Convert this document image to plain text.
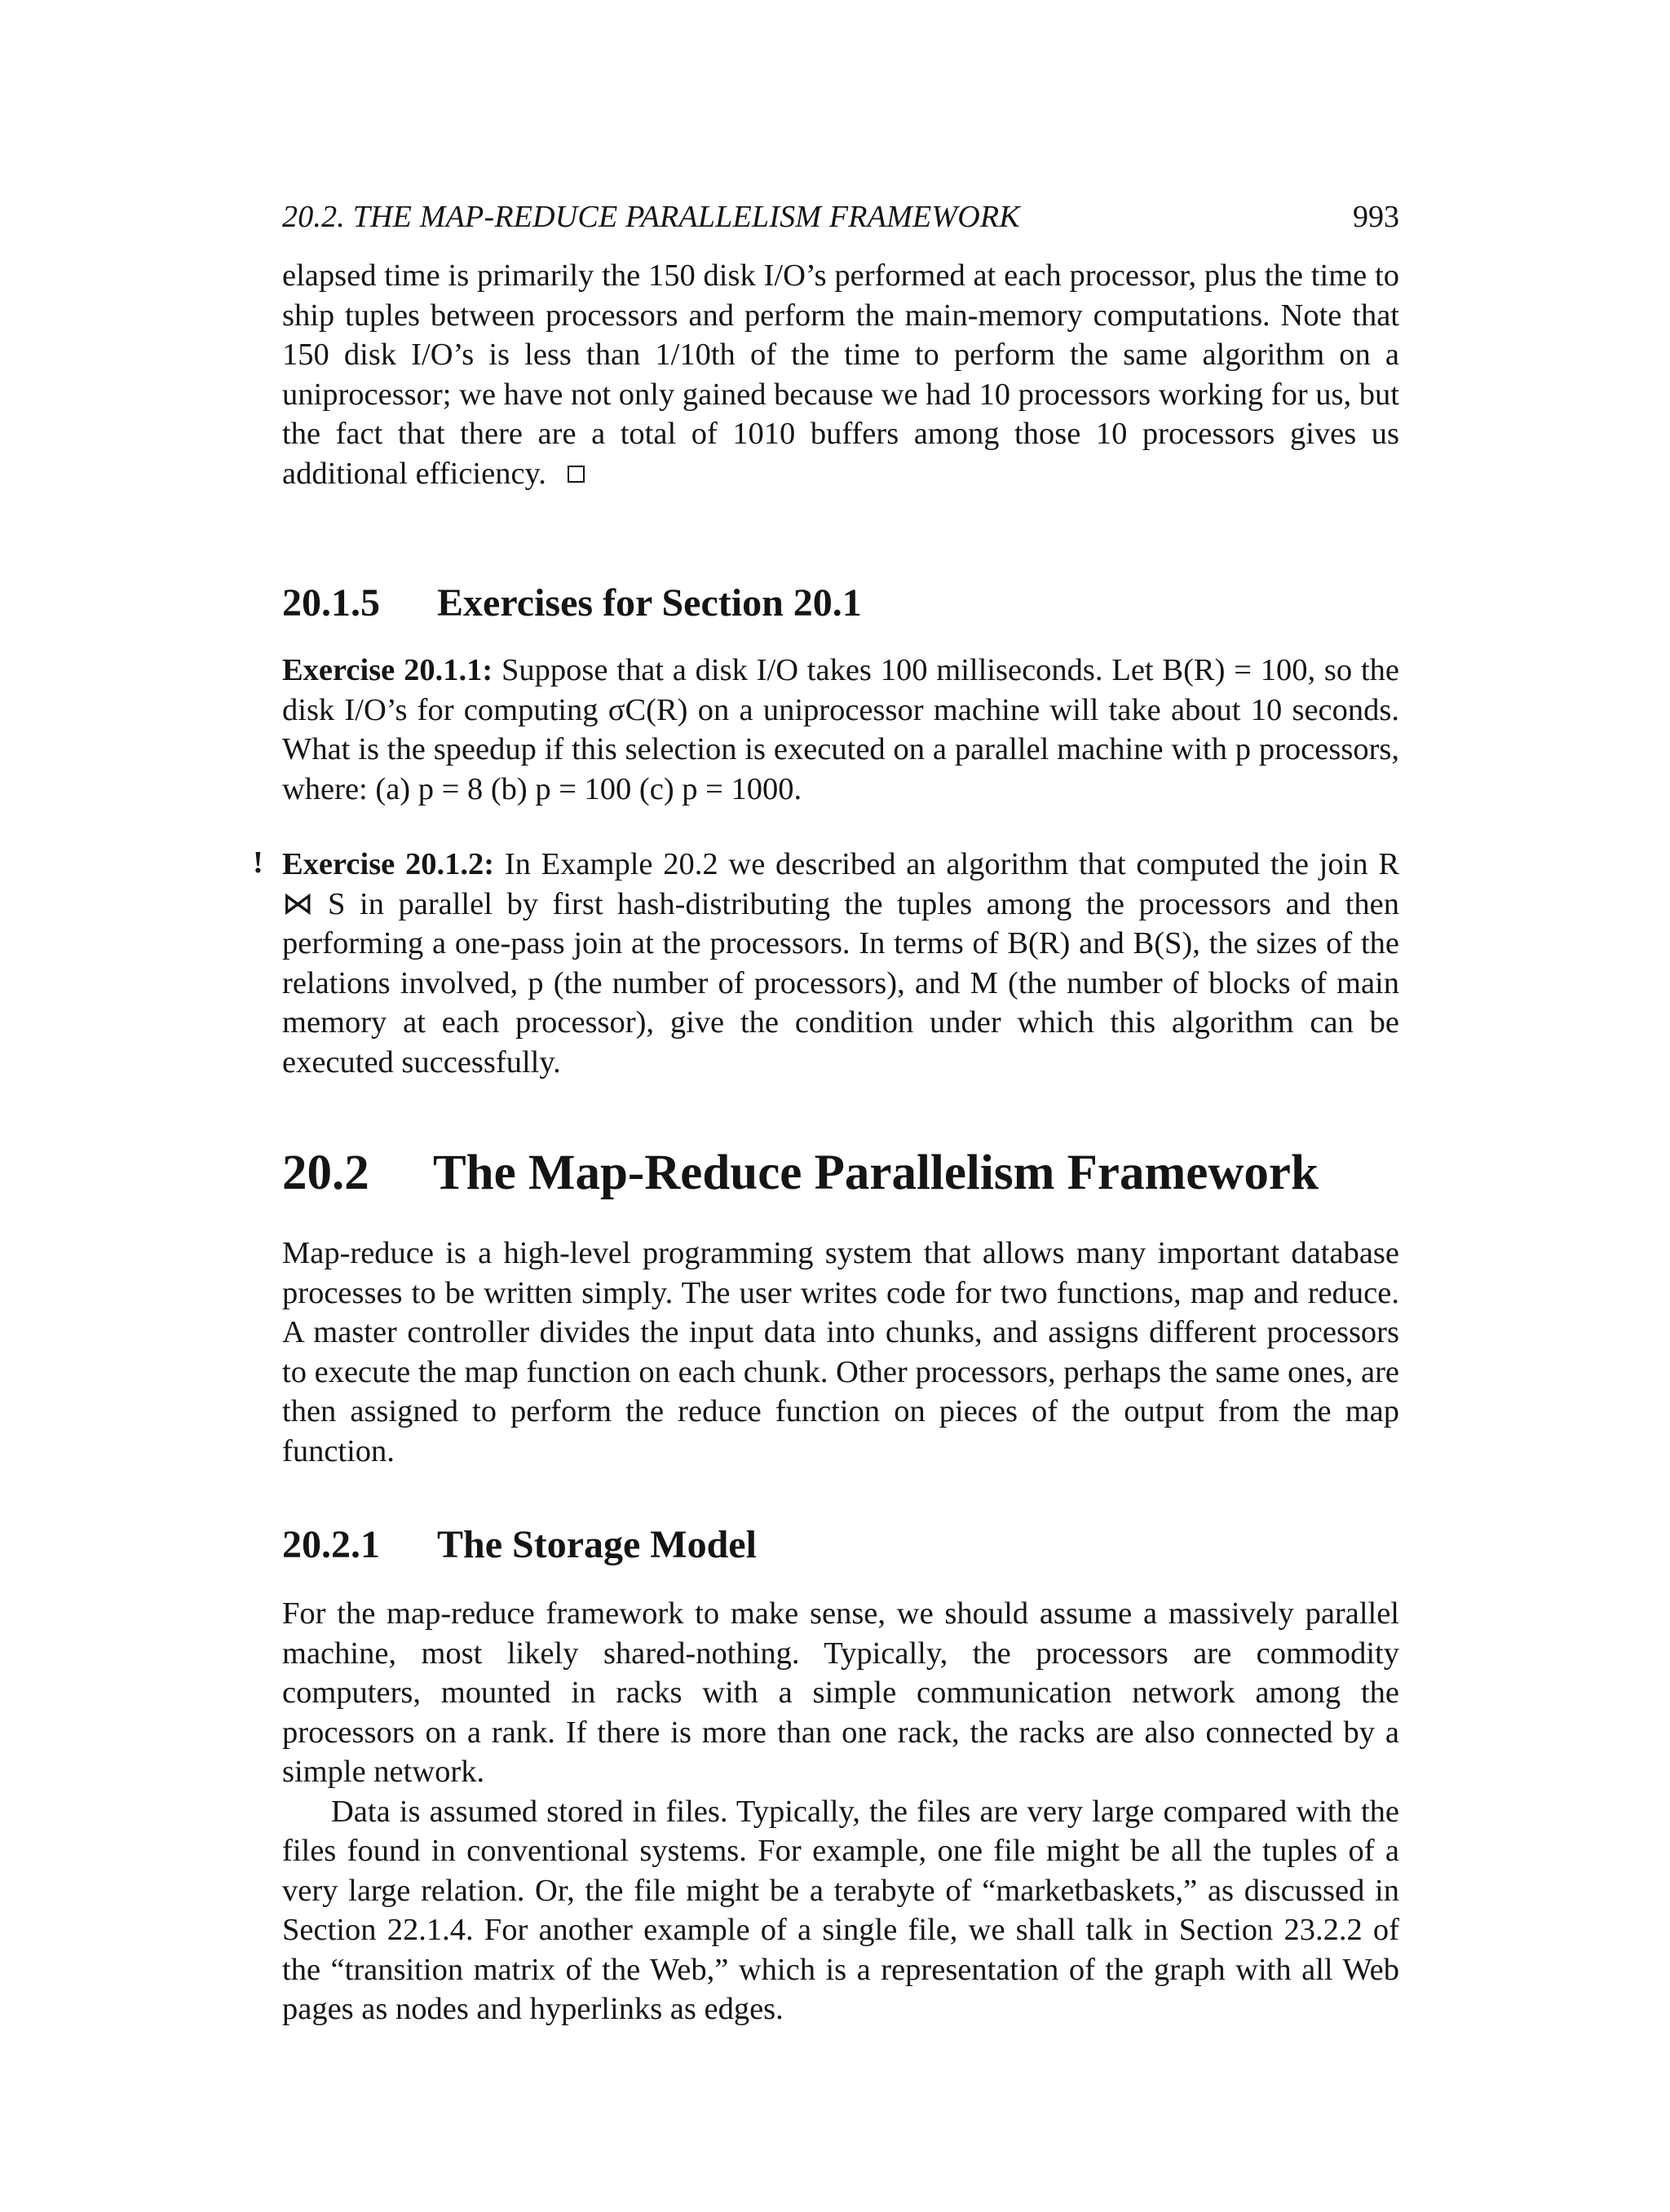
20.2. THE MAP-REDUCE PARALLELISM FRAMEWORK	993

elapsed time is primarily the 150 disk I/O’s performed at each processor, plus the time to ship tuples between processors and perform the main-memory computations. Note that 150 disk I/O’s is less than 1/10th of the time to perform the same algorithm on a uniprocessor; we have not only gained because we had 10 processors working for us, but the fact that there are a total of 1010 buffers among those 10 processors gives us additional efficiency.

20.1.5 Exercises for Section 20.1

Exercise 20.1.1: Suppose that a disk I/O takes 100 milliseconds. Let B(R) = 100, so the disk I/O’s for computing σC(R) on a uniprocessor machine will take about 10 seconds. What is the speedup if this selection is executed on a parallel machine with p processors, where: (a) p = 8 (b) p = 100 (c) p = 1000.

! Exercise 20.1.2: In Example 20.2 we described an algorithm that computed the join R ⋈ S in parallel by first hash-distributing the tuples among the processors and then performing a one-pass join at the processors. In terms of B(R) and B(S), the sizes of the relations involved, p (the number of processors), and M (the number of blocks of main memory at each processor), give the condition under which this algorithm can be executed successfully.

20.2 The Map-Reduce Parallelism Framework

Map-reduce is a high-level programming system that allows many important database processes to be written simply. The user writes code for two functions, map and reduce. A master controller divides the input data into chunks, and assigns different processors to execute the map function on each chunk. Other processors, perhaps the same ones, are then assigned to perform the reduce function on pieces of the output from the map function.

20.2.1 The Storage Model

For the map-reduce framework to make sense, we should assume a massively parallel machine, most likely shared-nothing. Typically, the processors are commodity computers, mounted in racks with a simple communication network among the processors on a rank. If there is more than one rack, the racks are also connected by a simple network.

Data is assumed stored in files. Typically, the files are very large compared with the files found in conventional systems. For example, one file might be all the tuples of a very large relation. Or, the file might be a terabyte of “marketbaskets,” as discussed in Section 22.1.4. For another example of a single file, we shall talk in Section 23.2.2 of the “transition matrix of the Web,” which is a representation of the graph with all Web pages as nodes and hyperlinks as edges.
